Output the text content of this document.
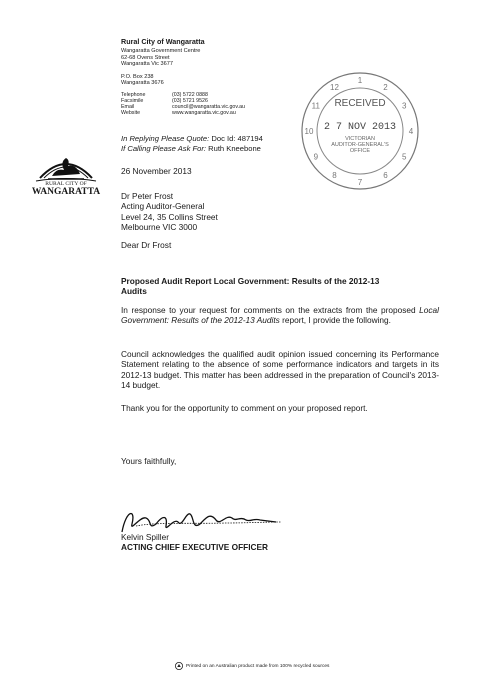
Rural City of Wangaratta
Wangaratta Government Centre
62-68 Ovens Street
Wangaratta Vic 3677
P.O. Box 238
Wangaratta 3676
Telephone	(03) 5722 0888
Facsimile	(03) 5721 9526
Email	council@wangaratta.vic.gov.au
Website	www.wangaratta.vic.gov.au
RURAL CITY OF
WANGARATTA
1
2
3
4
5
6
7
8
9
10
11
12
RECEIVED
2 7 NOV 2013
VICTORIAN
AUDITOR-GENERAL'S
OFFICE
In Replying Please Quote: Doc Id: 487194
If Calling Please Ask For: Ruth Kneebone
26 November 2013
Dr Peter Frost
Acting Auditor-General
Level 24, 35 Collins Street
Melbourne VIC 3000
Dear Dr Frost
Proposed Audit Report Local Government: Results of the 2012-13
Audits
In response to your request for comments on the extracts from the proposed Local Government: Results of the 2012-13 Audits report, I provide the following.
Council acknowledges the qualified audit opinion issued concerning its Performance Statement relating to the absence of some performance indicators and targets in its 2012-13 budget. This matter has been addressed in the preparation of Council's 2013-14 budget.
Thank you for the opportunity to comment on your proposed report.
Yours faithfully,
Kelvin Spiller
ACTING CHIEF EXECUTIVE OFFICER
Printed on an Australian product made from 100% recycled sources
